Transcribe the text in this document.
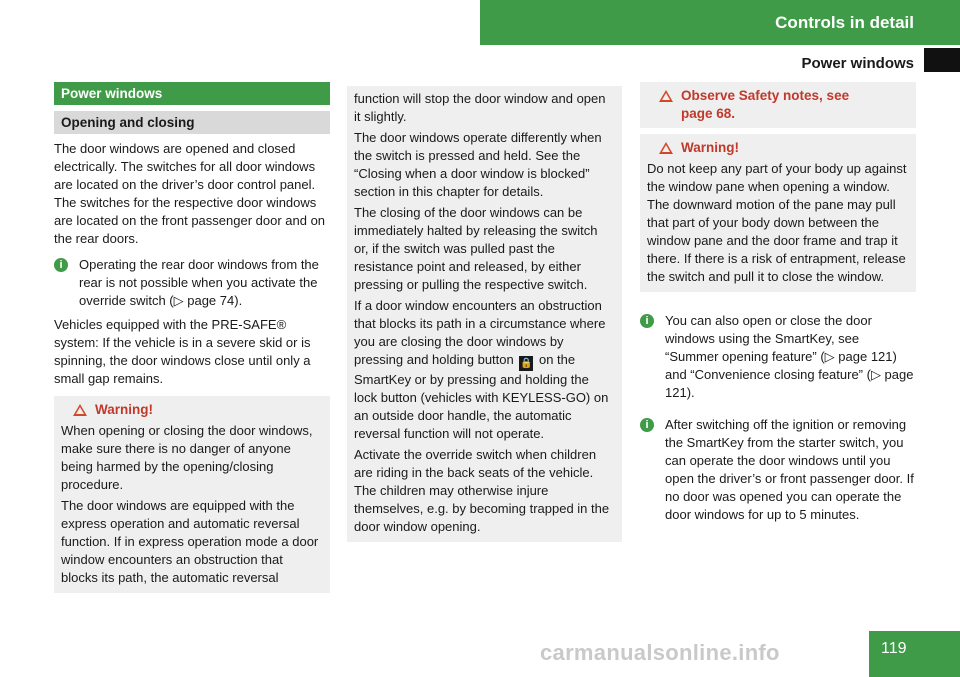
Controls in detail
Power windows
Power windows
Opening and closing

The door windows are opened and closed electrically. The switches for all door windows are located on the driver’s door control panel. The switches for the respective door windows are located on the front passenger door and on the rear doors.

i	Operating the rear door windows from the rear is not possible when you activate the override switch (▷ page 74).

Vehicles equipped with the PRE-SAFE® system: If the vehicle is in a severe skid or is spinning, the door windows close until only a small gap remains.

Warning!

When opening or closing the door windows, make sure there is no danger of anyone being harmed by the opening/closing procedure.

The door windows are equipped with the express operation and automatic reversal function. If in express operation mode a door window encounters an obstruction that blocks its path, the automatic reversal

function will stop the door window and open it slightly.

The door windows operate differently when the switch is pressed and held. See the “Closing when a door window is blocked” section in this chapter for details.

The closing of the door windows can be immediately halted by releasing the switch or, if the switch was pulled past the resistance point and released, by either pressing or pulling the respective switch.

If a door window encounters an obstruction that blocks its path in a circumstance where you are closing the door windows by pressing and holding button 🔒 on the SmartKey or by pressing and holding the lock button (vehicles with KEYLESS-GO) on an outside door handle, the automatic reversal function will not operate.

Activate the override switch when children are riding in the back seats of the vehicle. The children may otherwise injure themselves, e.g. by becoming trapped in the door window opening.

Observe Safety notes, see page 68.
Warning!

Do not keep any part of your body up against the window pane when opening a window. The downward motion of the pane may pull that part of your body down between the window pane and the door frame and trap it there. If there is a risk of entrapment, release the switch and pull it to close the window.

i	You can also open or close the door windows using the SmartKey, see “Summer opening feature” (▷ page 121) and “Convenience closing feature” (▷ page 121).
i	After switching off the ignition or removing the SmartKey from the starter switch, you can operate the door windows until you open the driver’s or front passenger door. If no door was opened you can operate the door windows for up to 5 minutes.
carmanualsonline.info	119
